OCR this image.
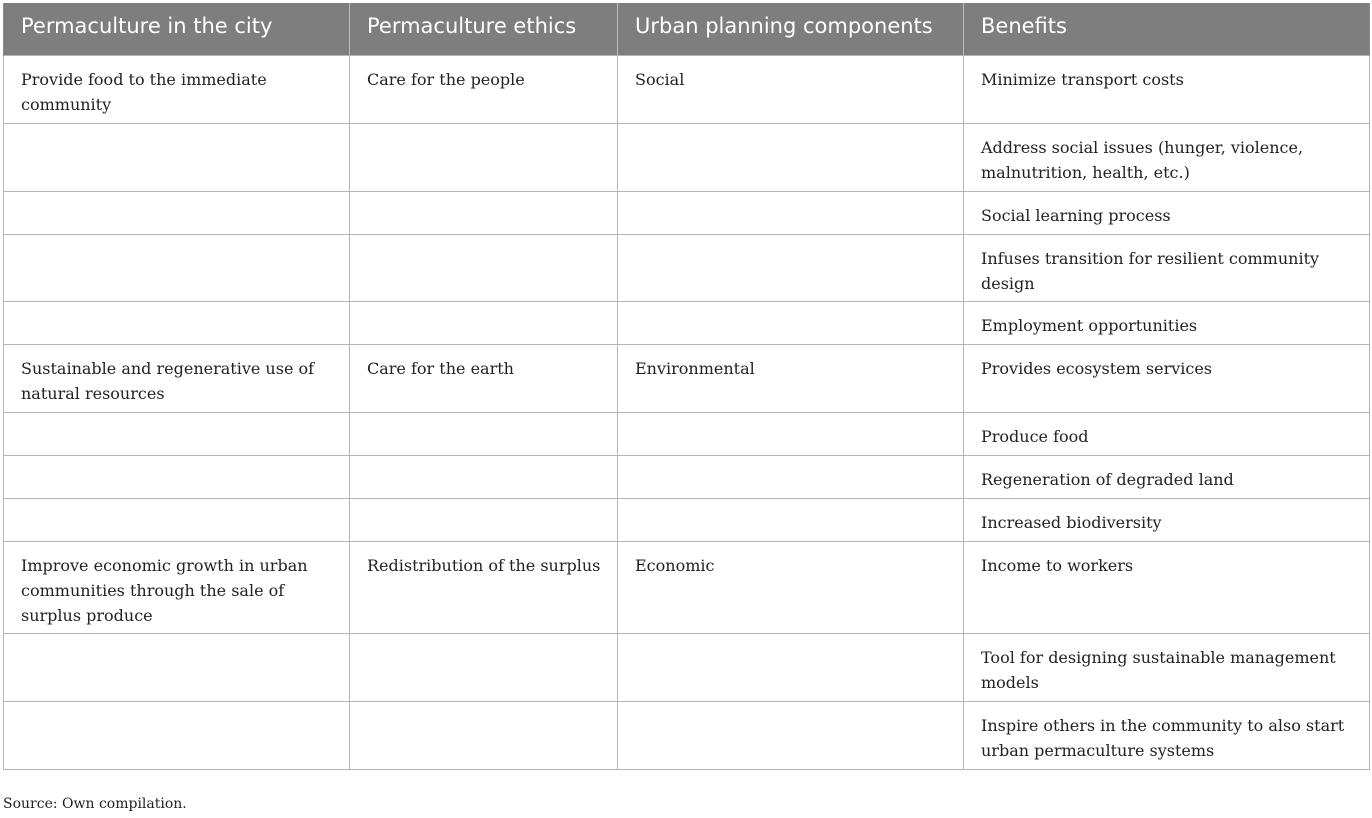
Permaculture in the city	Permaculture ethics	Urban planning components	Benefits
Provide food to the immediate community	Care for the people	Social	Minimize transport costs
			Address social issues (hunger, violence, malnutrition, health, etc.)
			Social learning process
			Infuses transition for resilient community design
			Employment opportunities
Sustainable and regenerative use of natural resources	Care for the earth	Environmental	Provides ecosystem services
			Produce food
			Regeneration of degraded land
			Increased biodiversity
Improve economic growth in urban communities through the sale of surplus produce	Redistribution of the surplus	Economic	Income to workers
			Tool for designing sustainable management models
			Inspire others in the community to also start urban permaculture systems
Source: Own compilation.
